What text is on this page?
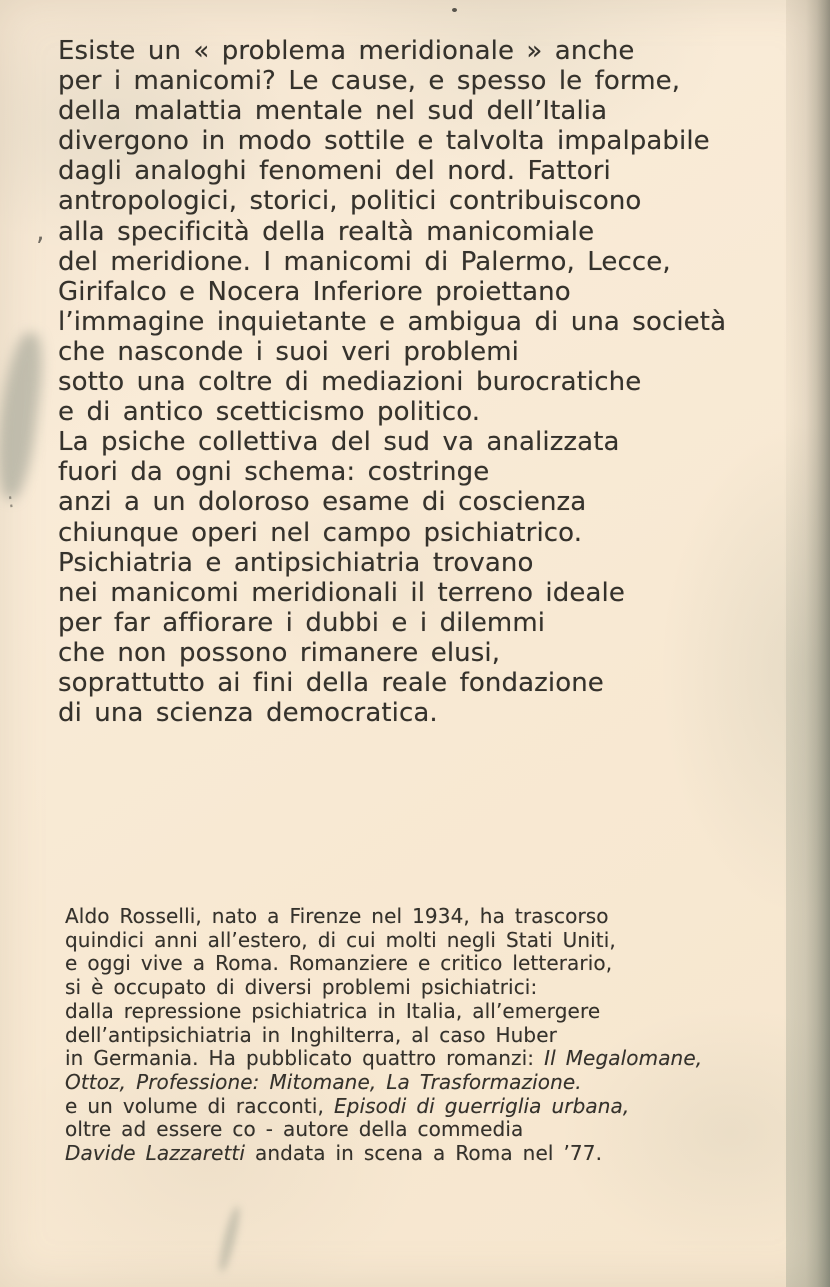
,
:
Esiste un « problema meridionale » anche
per i manicomi? Le cause, e spesso le forme,
della malattia mentale nel sud dell’Italia
divergono in modo sottile e talvolta impalpabile
dagli analoghi fenomeni del nord. Fattori
antropologici, storici, politici contribuiscono
alla specificità della realtà manicomiale
del meridione. I manicomi di Palermo, Lecce,
Girifalco e Nocera Inferiore proiettano
l’immagine inquietante e ambigua di una società
che nasconde i suoi veri problemi
sotto una coltre di mediazioni burocratiche
e di antico scetticismo politico.
La psiche collettiva del sud va analizzata
fuori da ogni schema: costringe
anzi a un doloroso esame di coscienza
chiunque operi nel campo psichiatrico.
Psichiatria e antipsichiatria trovano
nei manicomi meridionali il terreno ideale
per far affiorare i dubbi e i dilemmi
che non possono rimanere elusi,
soprattutto ai fini della reale fondazione
di una scienza democratica.
Aldo Rosselli, nato a Firenze nel 1934, ha trascorso
quindici anni all’estero, di cui molti negli Stati Uniti,
e oggi vive a Roma. Romanziere e critico letterario,
si è occupato di diversi problemi psichiatrici:
dalla repressione psichiatrica in Italia, all’emergere
dell’antipsichiatria in Inghilterra, al caso Huber
in Germania. Ha pubblicato quattro romanzi: Il Megalomane,
Ottoz, Professione: Mitomane, La Trasformazione.
e un volume di racconti, Episodi di guerriglia urbana,
oltre ad essere co - autore della commedia
Davide Lazzaretti andata in scena a Roma nel ’77.
